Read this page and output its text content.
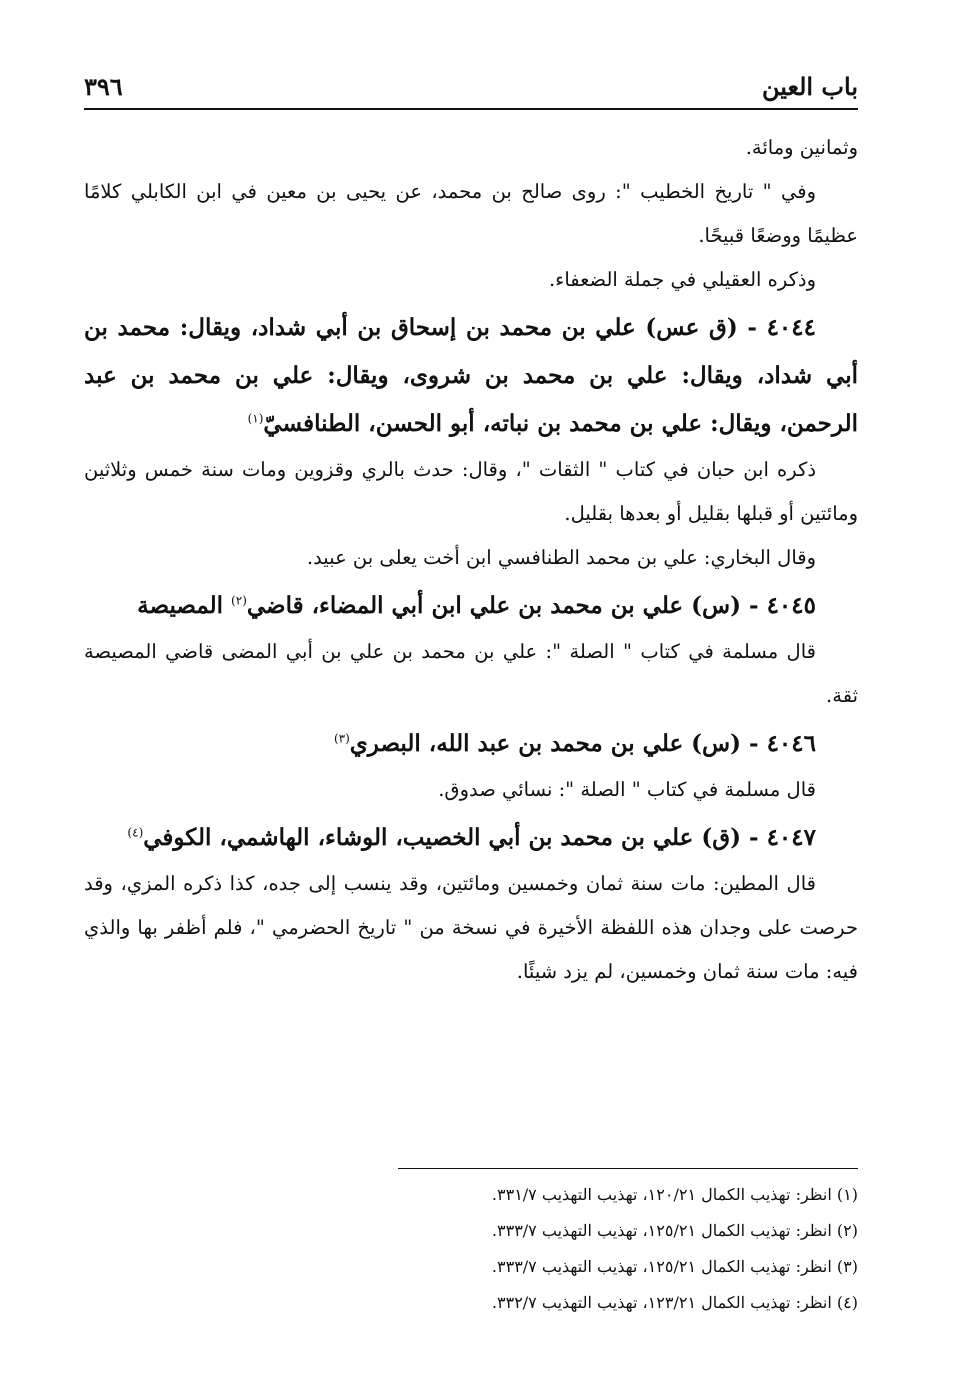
باب العين
٣٩٦

وثمانين ومائة.

وفي " تاريخ الخطيب ": روى صالح بن محمد، عن يحيى بن معين في ابن الكابلي كلامًا عظيمًا ووضعًا قبيحًا.

وذكره العقيلي في جملة الضعفاء.

٤٠٤٤ - (ق عس) علي بن محمد بن إسحاق بن أبي شداد، ويقال: محمد بن أبي شداد، ويقال: علي بن محمد بن شروى، ويقال: علي بن محمد بن عبد الرحمن، ويقال: علي بن محمد بن نباته، أبو الحسن، الطنافسيّ$^{(١)}$

ذكره ابن حبان في كتاب " الثقات "، وقال: حدث بالري وقزوين ومات سنة خمس وثلاثين ومائتين أو قبلها بقليل أو بعدها بقليل.

وقال البخاري: علي بن محمد الطنافسي ابن أخت يعلى بن عبيد.

٤٠٤٥ - (س) علي بن محمد بن علي ابن أبي المضاء، قاضي$^{(٢)}$ المصيصة

قال مسلمة في كتاب " الصلة ": علي بن محمد بن علي بن أبي المضى قاضي المصيصة ثقة.

٤٠٤٦ - (س) علي بن محمد بن عبد الله، البصري$^{(٣)}$

قال مسلمة في كتاب " الصلة ": نسائي صدوق.

٤٠٤٧ - (ق) علي بن محمد بن أبي الخصيب، الوشاء، الهاشمي، الكوفي$^{(٤)}$

قال المطين: مات سنة ثمان وخمسين ومائتين، وقد ينسب إلى جده، كذا ذكره المزي، وقد حرصت على وجدان هذه اللفظة الأخيرة في نسخة من " تاريخ الحضرمي "، فلم أظفر بها والذي فيه: مات سنة ثمان وخمسين، لم يزد شيئًا.

(١) انظر: تهذيب الكمال ١٢٠/٢١، تهذيب التهذيب ٣٣١/٧.
(٢) انظر: تهذيب الكمال ١٢٥/٢١، تهذيب التهذيب ٣٣٣/٧.
(٣) انظر: تهذيب الكمال ١٢٥/٢١، تهذيب التهذيب ٣٣٣/٧.
(٤) انظر: تهذيب الكمال ١٢٣/٢١، تهذيب التهذيب ٣٣٢/٧.
